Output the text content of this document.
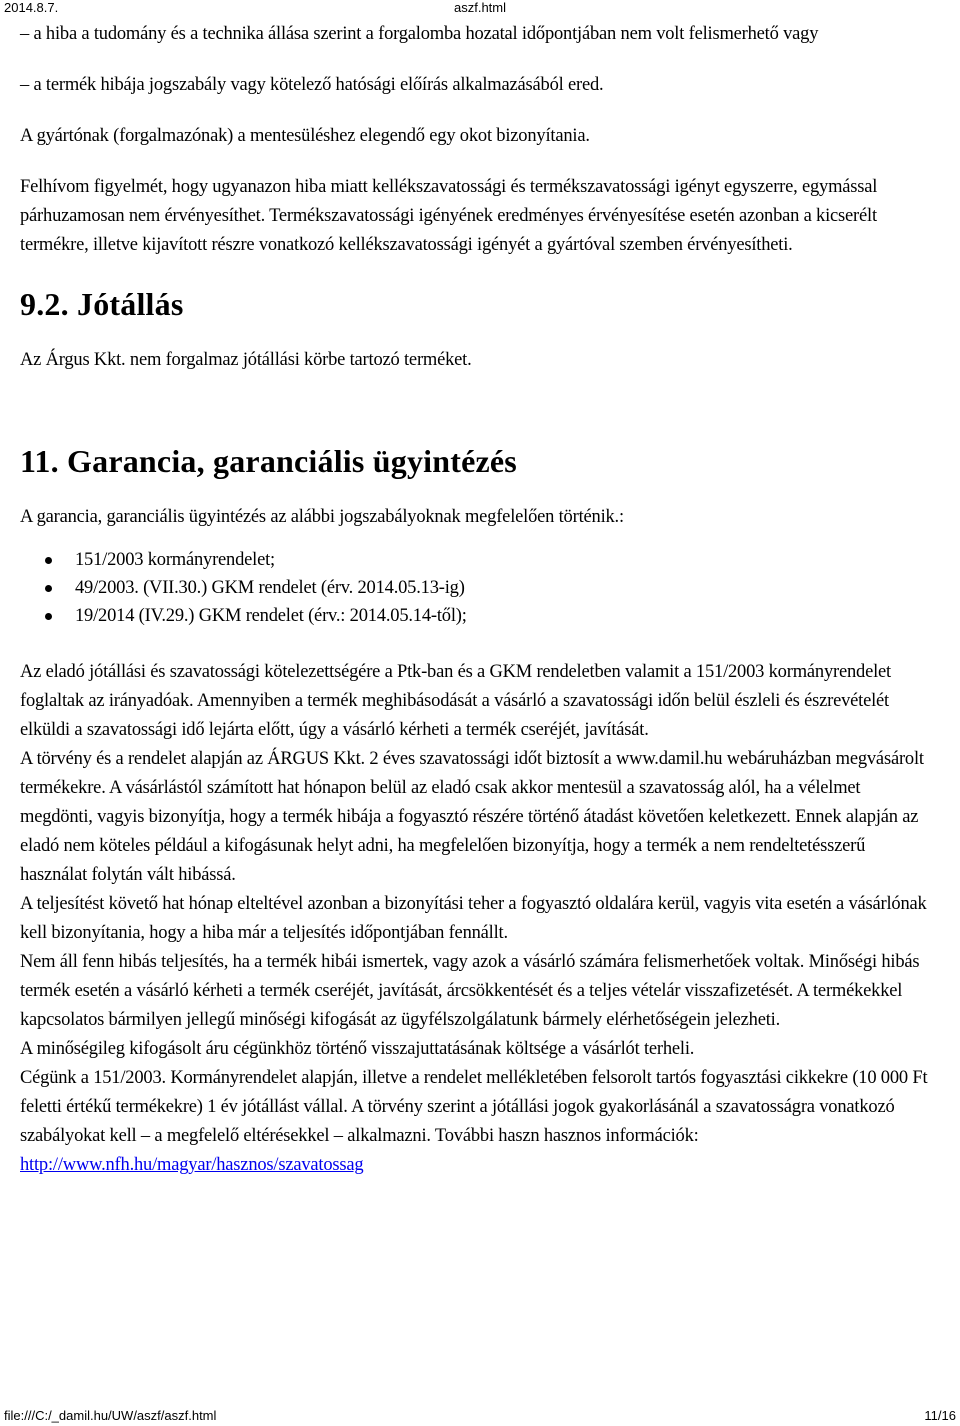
2014.8.7.	aszf.html

– a hiba a tudomány és a technika állása szerint a forgalomba hozatal időpontjában nem volt felismerhető vagy

– a termék hibája jogszabály vagy kötelező hatósági előírás alkalmazásából ered.

A gyártónak (forgalmazónak) a mentesüléshez elegendő egy okot bizonyítania.

Felhívom figyelmét, hogy ugyanazon hiba miatt kellékszavatossági és termékszavatossági igényt egyszerre, egymással párhuzamosan nem érvényesíthet. Termékszavatossági igényének eredményes érvényesítése esetén azonban a kicserélt termékre, illetve kijavított részre vonatkozó kellékszavatossági igényét a gyártóval szemben érvényesítheti.

9.2. Jótállás

Az Árgus Kkt. nem forgalmaz jótállási körbe tartozó terméket.

11. Garancia, garanciális ügyintézés

A garancia, garanciális ügyintézés az alábbi jogszabályoknak megfelelően történik.:

151/2003 kormányrendelet;
49/2003. (VII.30.) GKM rendelet (érv. 2014.05.13-ig)
19/2014 (IV.29.) GKM rendelet (érv.: 2014.05.14-től);

Az eladó jótállási és szavatossági kötelezettségére a Ptk-ban és a GKM rendeletben valamit a 151/2003 kormányrendelet foglaltak az irányadóak. Amennyiben a termék meghibásodását a vásárló a szavatossági időn belül észleli és észrevételét elküldi a szavatossági idő lejárta előtt, úgy a vásárló kérheti a termék cseréjét, javítását.

A törvény és a rendelet alapján az ÁRGUS Kkt. 2 éves szavatossági időt biztosít a www.damil.hu webáruházban megvásárolt termékekre. A vásárlástól számított hat hónapon belül az eladó csak akkor mentesül a szavatosság alól, ha a vélelmet megdönti, vagyis bizonyítja, hogy a termék hibája a fogyasztó részére történő átadást követően keletkezett. Ennek alapján az eladó nem köteles például a kifogásunak helyt adni, ha megfelelően bizonyítja, hogy a termék a nem rendeltetésszerű használat folytán vált hibássá.

A teljesítést követő hat hónap elteltével azonban a bizonyítási teher a fogyasztó oldalára kerül, vagyis vita esetén a vásárlónak kell bizonyítania, hogy a hiba már a teljesítés időpontjában fennállt.

Nem áll fenn hibás teljesítés, ha a termék hibái ismertek, vagy azok a vásárló számára felismerhetőek voltak. Minőségi hibás termék esetén a vásárló kérheti a termék cseréjét, javítását, árcsökkentését és a teljes vételár visszafizetését. A termékekkel kapcsolatos bármilyen jellegű minőségi kifogását az ügyfélszolgálatunk bármely elérhetőségein jelezheti.

A minőségileg kifogásolt áru cégünkhöz történő visszajuttatásának költsége a vásárlót terheli.

Cégünk a 151/2003. Kormányrendelet alapján, illetve a rendelet mellékletében felsorolt tartós fogyasztási cikkekre (10 000 Ft feletti értékű termékekre) 1 év jótállást vállal. A törvény szerint a jótállási jogok gyakorlásánál a szavatosságra vonatkozó szabályokat kell – a megfelelő eltérésekkel – alkalmazni. További haszn hasznos információk:

http://www.nfh.hu/magyar/hasznos/szavatossag

file:///C:/_damil.hu/UW/aszf/aszf.html	11/16
